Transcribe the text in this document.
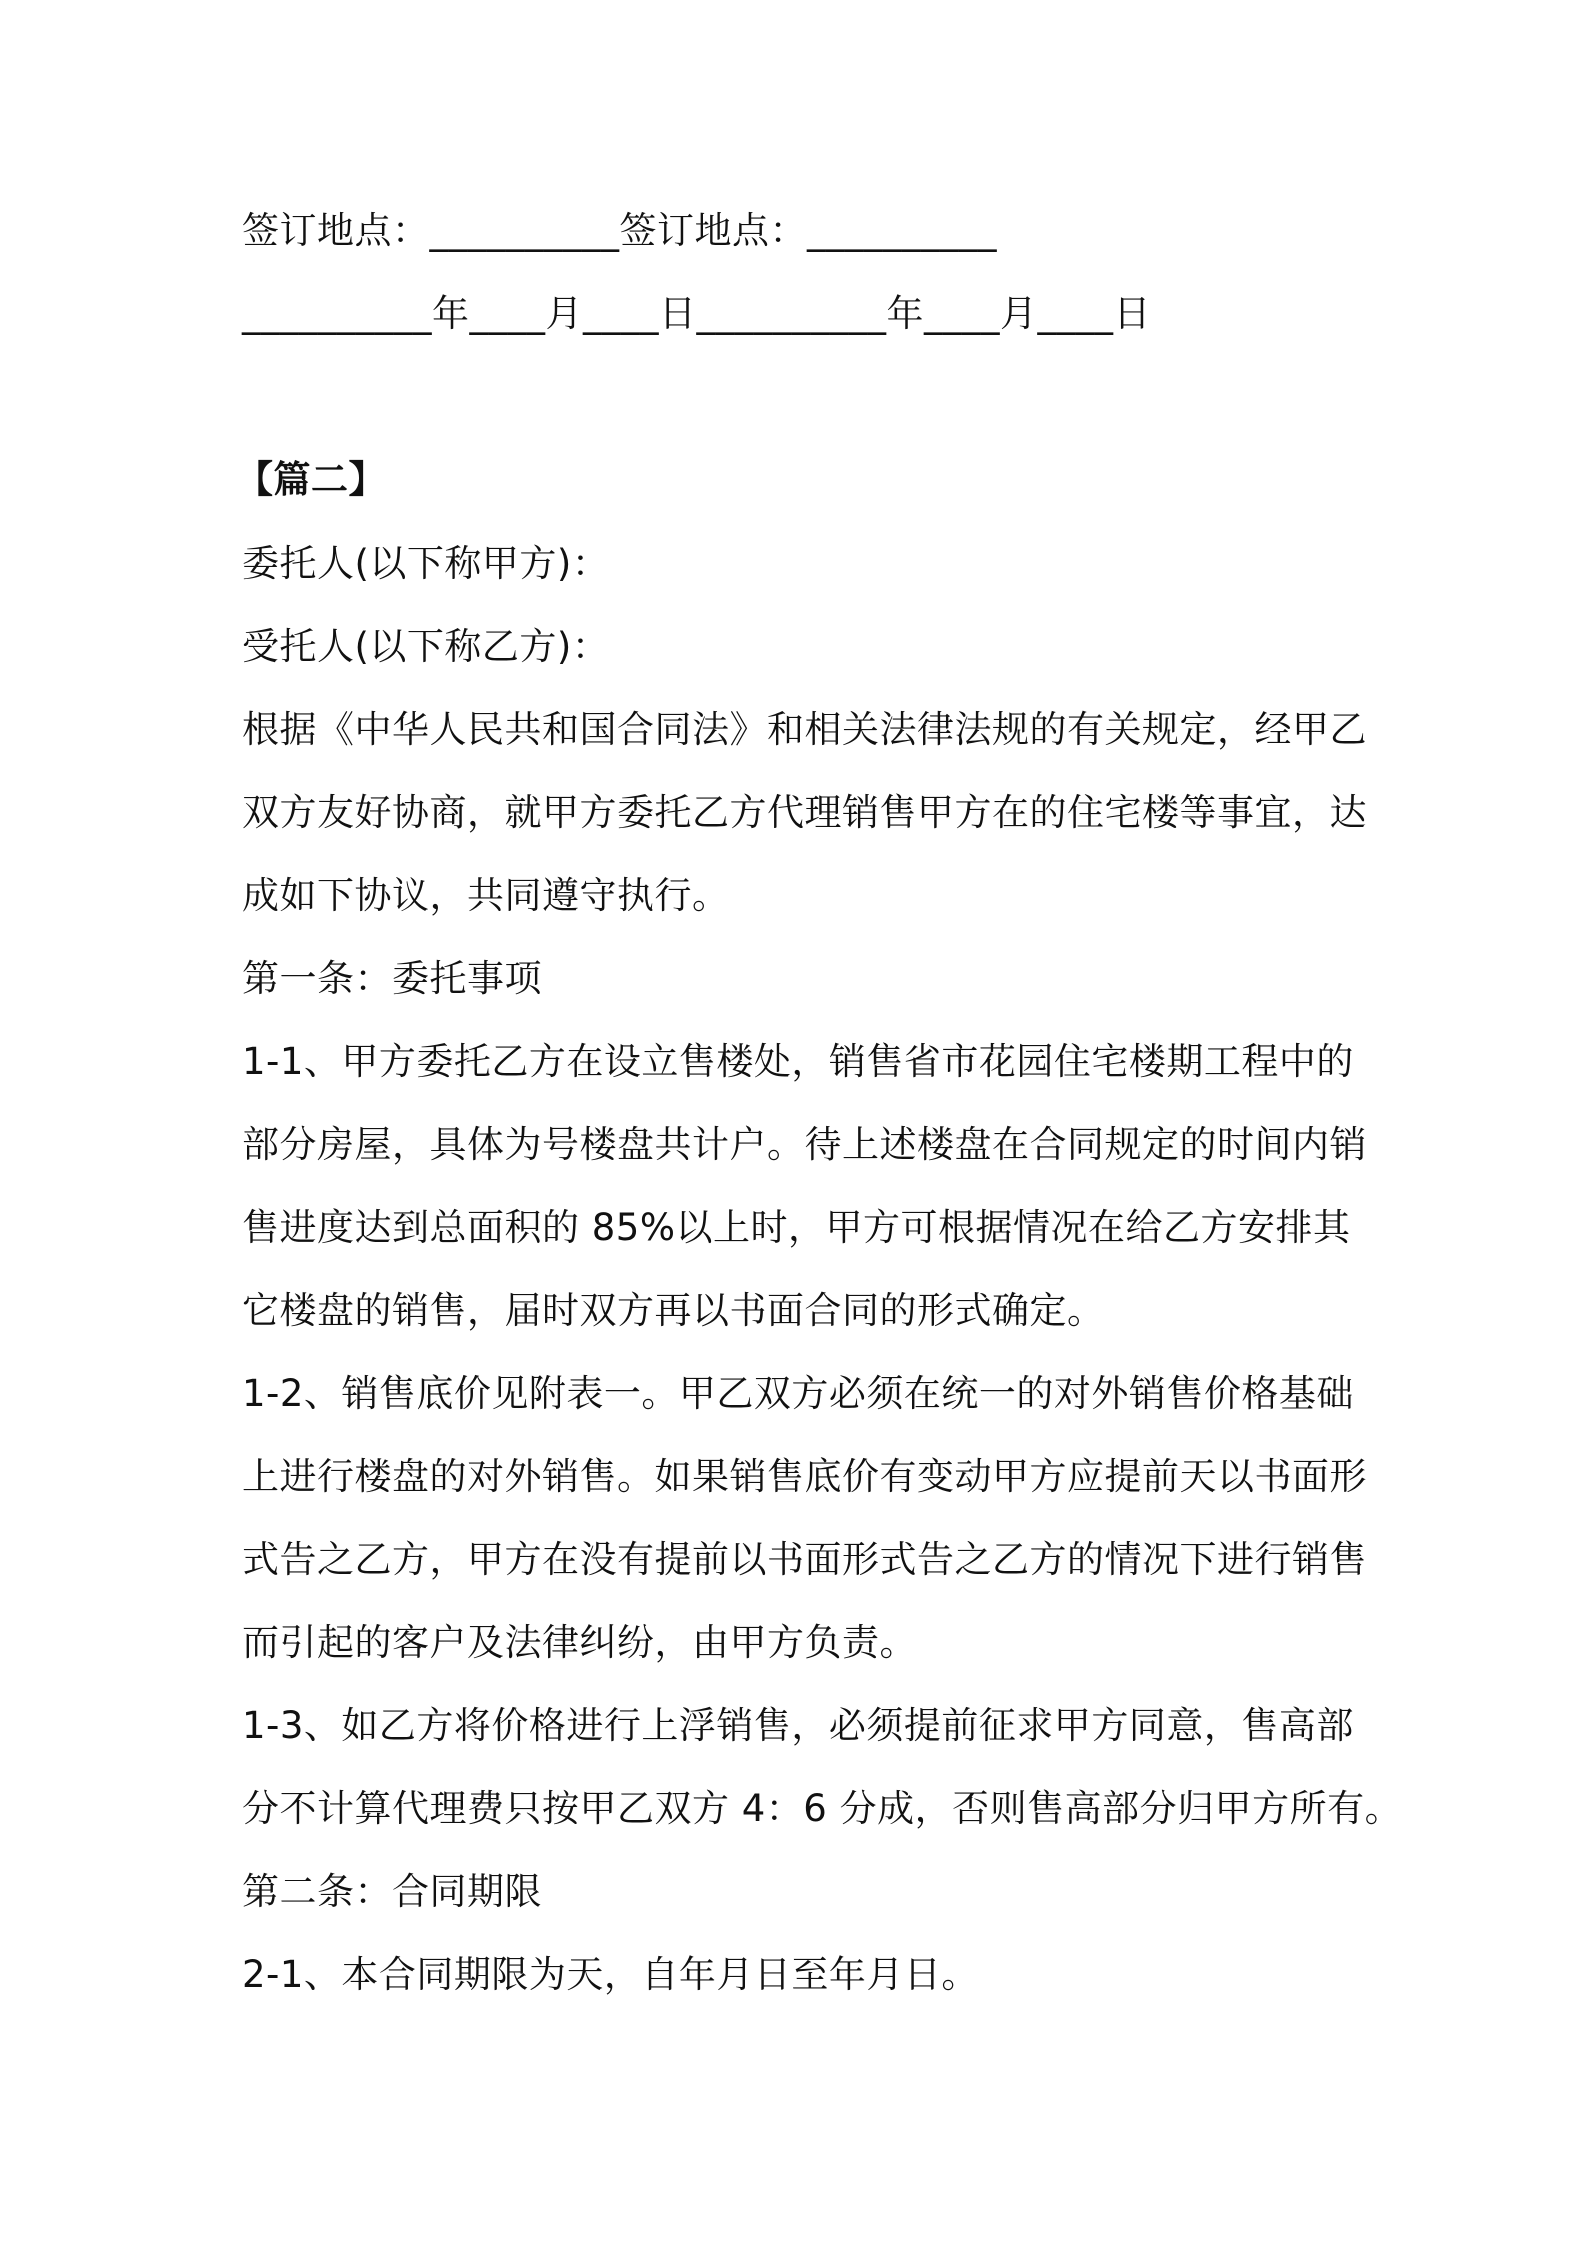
签订地点：__________签订地点：__________
__________年____月____日__________年____月____日
【篇二】
委托人(以下称甲方)：
受托人(以下称乙方)：
根据《中华人民共和国合同法》和相关法律法规的有关规定，经甲乙
双方友好协商，就甲方委托乙方代理销售甲方在的住宅楼等事宜，达
成如下协议，共同遵守执行。
第一条：委托事项
1-1、甲方委托乙方在设立售楼处，销售省市花园住宅楼期工程中的
部分房屋，具体为号楼盘共计户。待上述楼盘在合同规定的时间内销
售进度达到总面积的 85%以上时，甲方可根据情况在给乙方安排其
它楼盘的销售，届时双方再以书面合同的形式确定。
1-2、销售底价见附表一。甲乙双方必须在统一的对外销售价格基础
上进行楼盘的对外销售。如果销售底价有变动甲方应提前天以书面形
式告之乙方，甲方在没有提前以书面形式告之乙方的情况下进行销售
而引起的客户及法律纠纷，由甲方负责。
1-3、如乙方将价格进行上浮销售，必须提前征求甲方同意，售高部
分不计算代理费只按甲乙双方 4：6 分成，否则售高部分归甲方所有。
第二条：合同期限
2-1、本合同期限为天，自年月日至年月日。
